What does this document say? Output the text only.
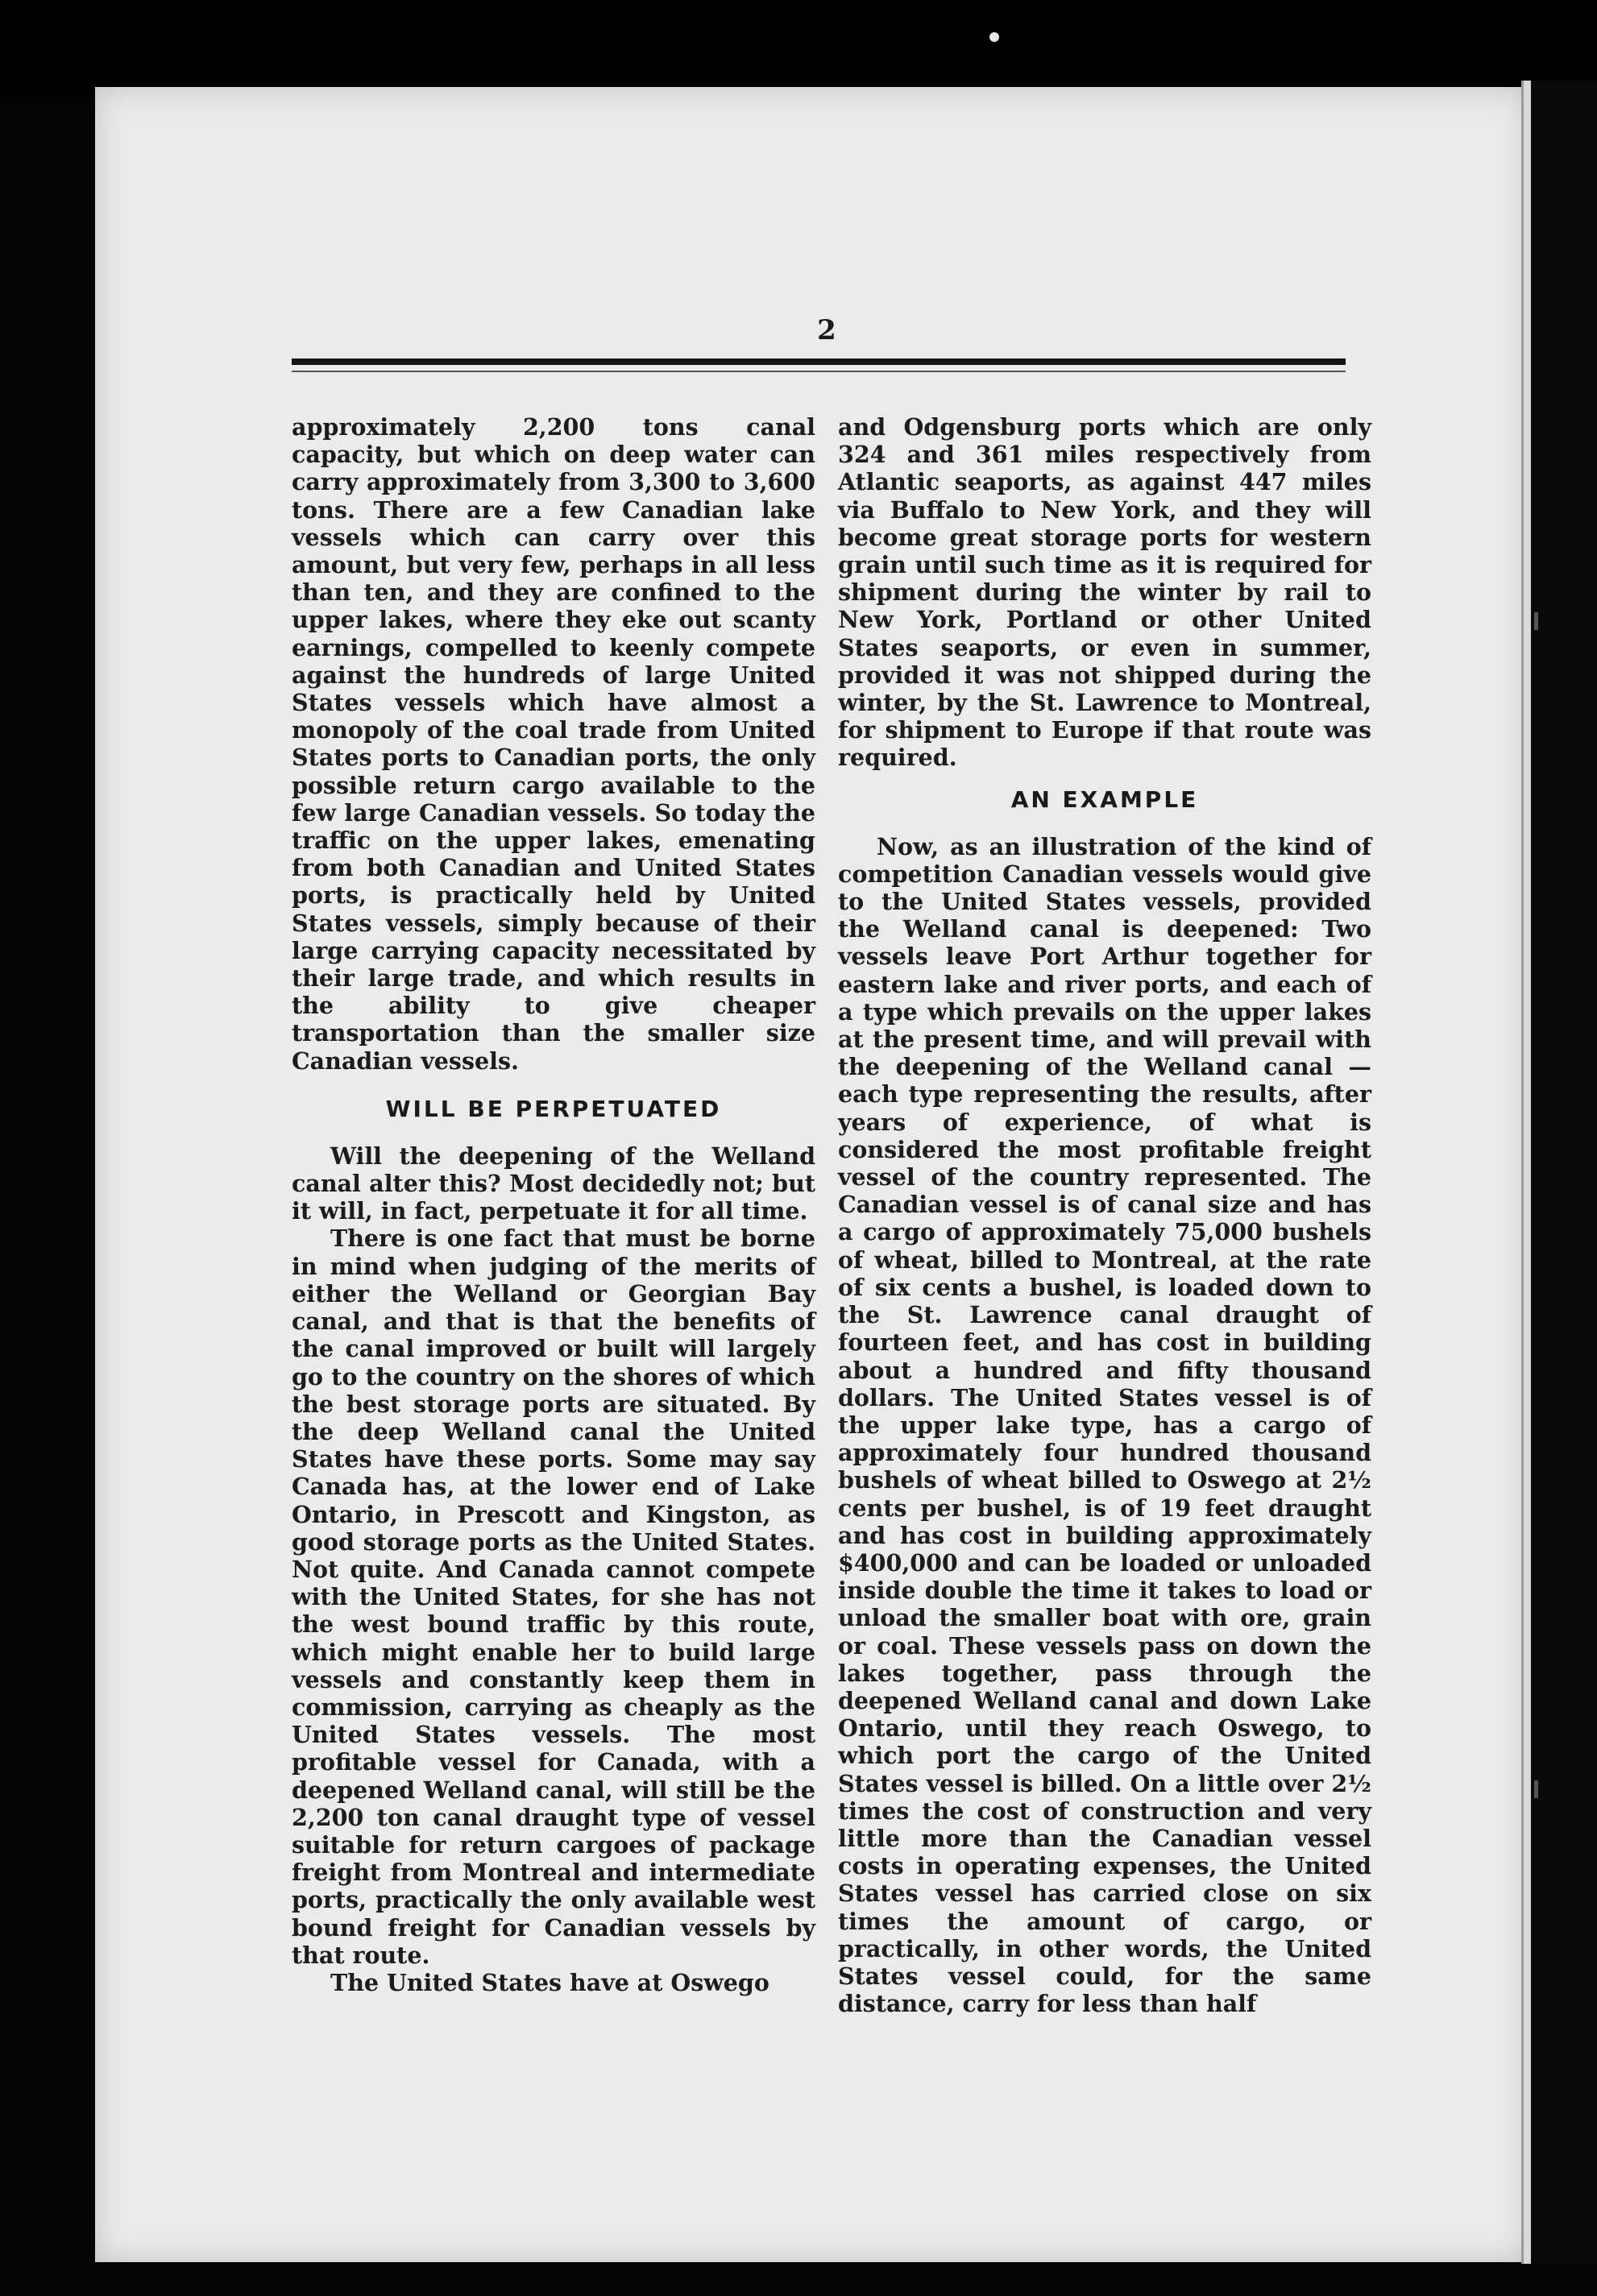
2

approximately 2,200 tons canal capacity, but which on deep water can carry approximately from 3,300 to 3,600 tons. There are a few Canadian lake vessels which can carry over this amount, but very few, perhaps in all less than ten, and they are confined to the upper lakes, where they eke out scanty earnings, compelled to keenly compete against the hundreds of large United States vessels which have almost a monopoly of the coal trade from United States ports to Canadian ports, the only possible return cargo available to the few large Canadian vessels. So today the traffic on the upper lakes, emenating from both Canadian and United States ports, is practically held by United States vessels, simply because of their large carrying capacity necessitated by their large trade, and which results in the ability to give cheaper transportation than the smaller size Canadian vessels.

WILL BE PERPETUATED

Will the deepening of the Welland canal alter this? Most decidedly not; but it will, in fact, perpetuate it for all time.

There is one fact that must be borne in mind when judging of the merits of either the Welland or Georgian Bay canal, and that is that the benefits of the canal improved or built will largely go to the country on the shores of which the best storage ports are situated. By the deep Welland canal the United States have these ports. Some may say Canada has, at the lower end of Lake Ontario, in Prescott and Kingston, as good storage ports as the United States. Not quite. And Canada cannot compete with the United States, for she has not the west bound traffic by this route, which might enable her to build large vessels and constantly keep them in commission, carrying as cheaply as the United States vessels. The most profitable vessel for Canada, with a deepened Welland canal, will still be the 2,200 ton canal draught type of vessel suitable for return cargoes of package freight from Montreal and intermediate ports, practically the only available west bound freight for Canadian vessels by that route.

The United States have at Oswego

and Odgensburg ports which are only 324 and 361 miles respectively from Atlantic seaports, as against 447 miles via Buffalo to New York, and they will become great storage ports for western grain until such time as it is required for shipment during the winter by rail to New York, Portland or other United States seaports, or even in summer, provided it was not shipped during the winter, by the St. Lawrence to Montreal, for shipment to Europe if that route was required.

AN EXAMPLE

Now, as an illustration of the kind of competition Canadian vessels would give to the United States vessels, provided the Welland canal is deepened: Two vessels leave Port Arthur together for eastern lake and river ports, and each of a type which prevails on the upper lakes at the present time, and will prevail with the deepening of the Welland canal —each type representing the results, after years of experience, of what is considered the most profitable freight vessel of the country represented. The Canadian vessel is of canal size and has a cargo of approximately 75,000 bushels of wheat, billed to Montreal, at the rate of six cents a bushel, is loaded down to the St. Lawrence canal draught of fourteen feet, and has cost in building about a hundred and fifty thousand dollars. The United States vessel is of the upper lake type, has a cargo of approximately four hundred thousand bushels of wheat billed to Oswego at 2½ cents per bushel, is of 19 feet draught and has cost in building approximately $400,000 and can be loaded or unloaded inside double the time it takes to load or unload the smaller boat with ore, grain or coal. These vessels pass on down the lakes together, pass through the deepened Welland canal and down Lake Ontario, until they reach Oswego, to which port the cargo of the United States vessel is billed. On a little over 2½ times the cost of construction and very little more than the Canadian vessel costs in operating expenses, the United States vessel has carried close on six times the amount of cargo, or practically, in other words, the United States vessel could, for the same distance, carry for less than half
